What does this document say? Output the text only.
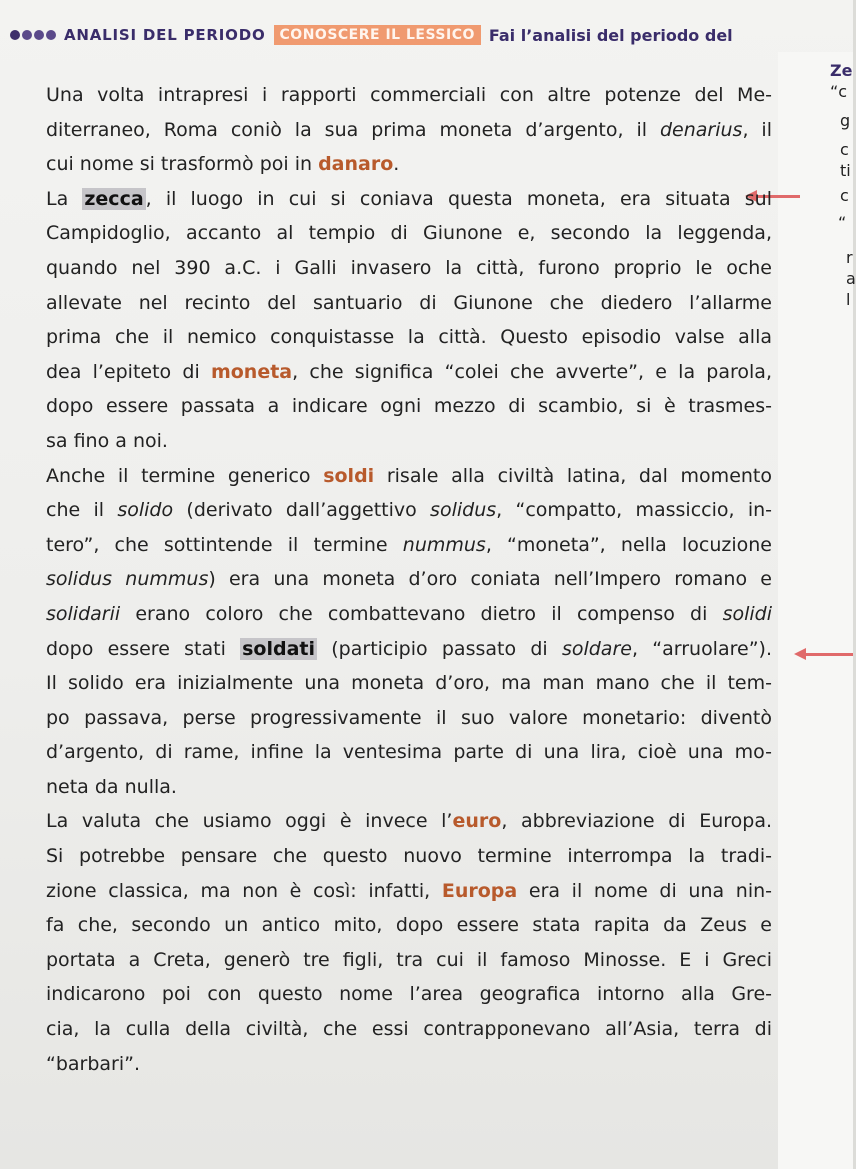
ANALISI DEL PERIODO	CONOSCERE IL LESSICO Fai l’analisi del periodo del
Ze
“c
g
c
ti
c
“
r
a
l
Una volta intrapresi i rapporti commerciali con altre potenze del Me-
diterraneo, Roma coniò la sua prima moneta d’argento, il denarius, il
cui nome si trasformò poi in danaro.
La zecca , il luogo in cui si coniava questa moneta, era situata sul
Campidoglio, accanto al tempio di Giunone e, secondo la leggenda,
quando nel 390 a.C. i Galli invasero la città, furono proprio le oche
allevate nel recinto del santuario di Giunone che diedero l’allarme
prima che il nemico conquistasse la città. Questo episodio valse alla
dea l’epiteto di moneta, che significa “colei che avverte”, e la parola,
dopo essere passata a indicare ogni mezzo di scambio, si è trasmes-
sa fino a noi.
Anche il termine generico soldi risale alla civiltà latina, dal momento
che il solido (derivato dall’aggettivo solidus, “compatto, massiccio, in-
tero”, che sottintende il termine nummus, “moneta”, nella locuzione
solidus nummus) era una moneta d’oro coniata nell’Impero romano e
solidarii erano coloro che combattevano dietro il compenso di solidi
dopo essere stati soldati (participio passato di soldare, “arruolare”).
Il solido era inizialmente una moneta d’oro, ma man mano che il tem-
po passava, perse progressivamente il suo valore monetario: diventò
d’argento, di rame, infine la ventesima parte di una lira, cioè una mo-
neta da nulla.
La valuta che usiamo oggi è invece l’euro, abbreviazione di Europa.
Si potrebbe pensare che questo nuovo termine interrompa la tradi-
zione classica, ma non è così: infatti, Europa era il nome di una nin-
fa che, secondo un antico mito, dopo essere stata rapita da Zeus e
portata a Creta, generò tre figli, tra cui il famoso Minosse. E i Greci
indicarono poi con questo nome l’area geografica intorno alla Gre-
cia, la culla della civiltà, che essi contrapponevano all’Asia, terra di
“barbari”.
